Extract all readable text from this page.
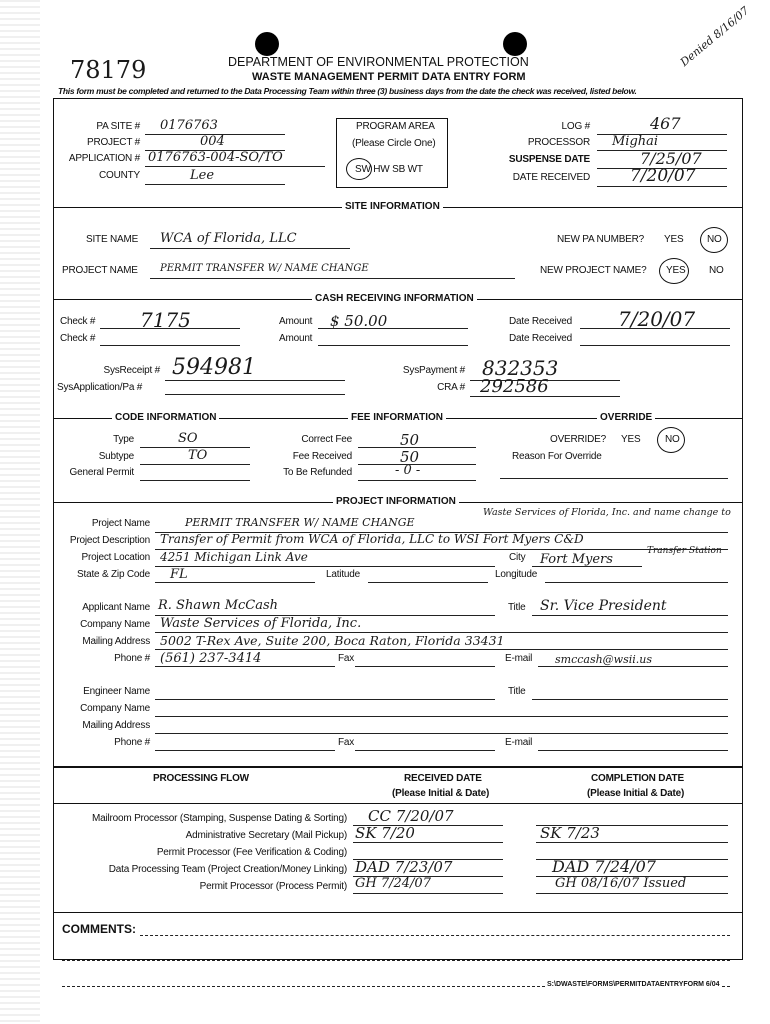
78179	DEPARTMENT OF ENVIRONMENTAL PROTECTION
WASTE MANAGEMENT PERMIT DATA ENTRY FORM
This form must be completed and returned to the Data Processing Team within three (3) business days from the date the check was received, listed below.
Denied 8/16/07
PA SITE # 0176763
PROJECT #	004
APPLICATION # 0176763-004-SO/TO
COUNTY	Lee
PROGRAM AREA
(Please Circle One)
SW HW SB WT
LOG #	467
PROCESSOR Mighai
SUSPENSE DATE	7/25/07
DATE RECEIVED 7/20/07
SITE INFORMATION
SITE NAME WCA of Florida, LLC	NEW PA NUMBER? YES NO
PROJECT NAME PERMIT TRANSFER W/ NAME CHANGE	NEW PROJECT NAME? YES NO
CASH RECEIVING INFORMATION
Check # 7175
Check #
Amount $ 50.00
Amount
Date Received 7/20/07
Date Received
SysReceipt # 594981
SysApplication/Pa #
SysPayment # 832353
CRA # 292586
CODE INFORMATION	FEE INFORMATION	OVERRIDE
Type	SO
Subtype	TO
General Permit
Correct Fee	50
Fee Received	50
To Be Refunded	- 0 -
OVERRIDE? YES NO
Reason For Override
PROJECT INFORMATION
Project Name	PERMIT TRANSFER W/ NAME CHANGE
Waste Services of Florida, Inc. and name change to
Project Description Transfer of Permit from WCA of Florida, LLC to WSI Fort Myers C&D
Transfer Station
Project Location 4251 Michigan Link Ave	City Fort Myers
State & Zip Code FL	Latitude	Longitude
Applicant Name R. Shawn McCash	Title Sr. Vice President
Company Name Waste Services of Florida, Inc.
Mailing Address 5002 T-Rex Ave, Suite 200, Boca Raton, Florida 33431
Phone # (561) 237-3414	Fax	E-mail smccash@wsii.us
Engineer Name	Title
Company Name
Mailing Address
Phone #	Fax	E-mail
PROCESSING FLOW	RECEIVED DATE
(Please Initial & Date)
COMPLETION DATE
(Please Initial & Date)
Mailroom Processor (Stamping, Suspense Dating & Sorting) CC 7/20/07
Administrative Secretary (Mail Pickup) SK 7/20	SK 7/23
Permit Processor (Fee Verification & Coding)
Data Processing Team (Project Creation/Money Linking) DAD 7/23/07	DAD 7/24/07
Permit Processor (Process Permit) GH 7/24/07	GH 08/16/07 Issued
COMMENTS:
S:\DWASTE\FORMS\PERMITDATAENTRYFORM 6/04
